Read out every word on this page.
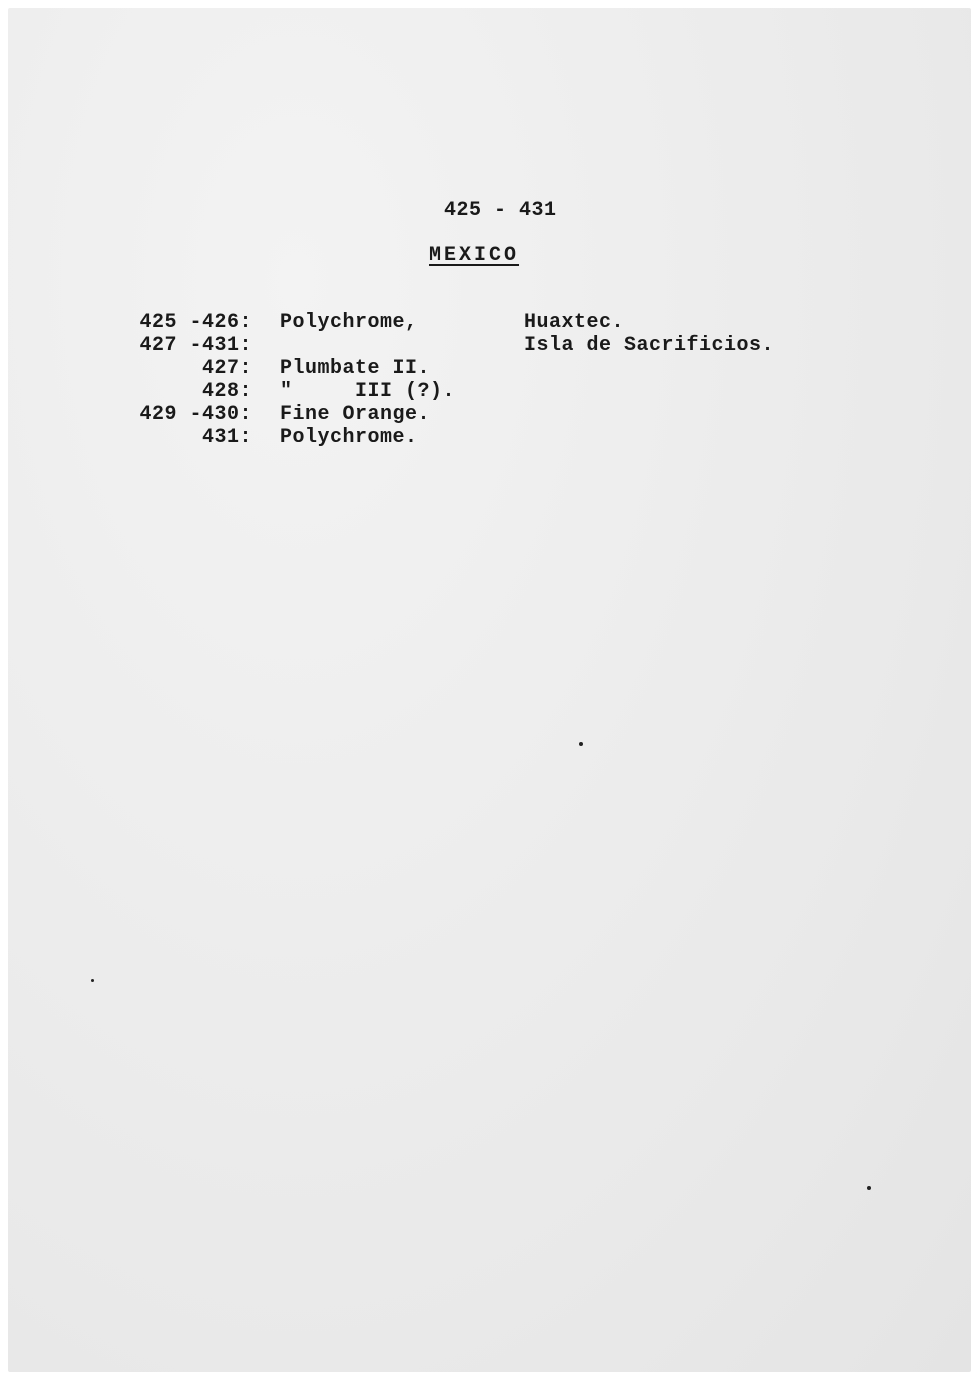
425 - 431
MEXICO
425 -426: Polychrome,	Huaxtec.
427 -431:	Isla de Sacrificios.
427: Plumbate II.
428: "     III (?).
429 -430: Fine Orange.
431: Polychrome.
